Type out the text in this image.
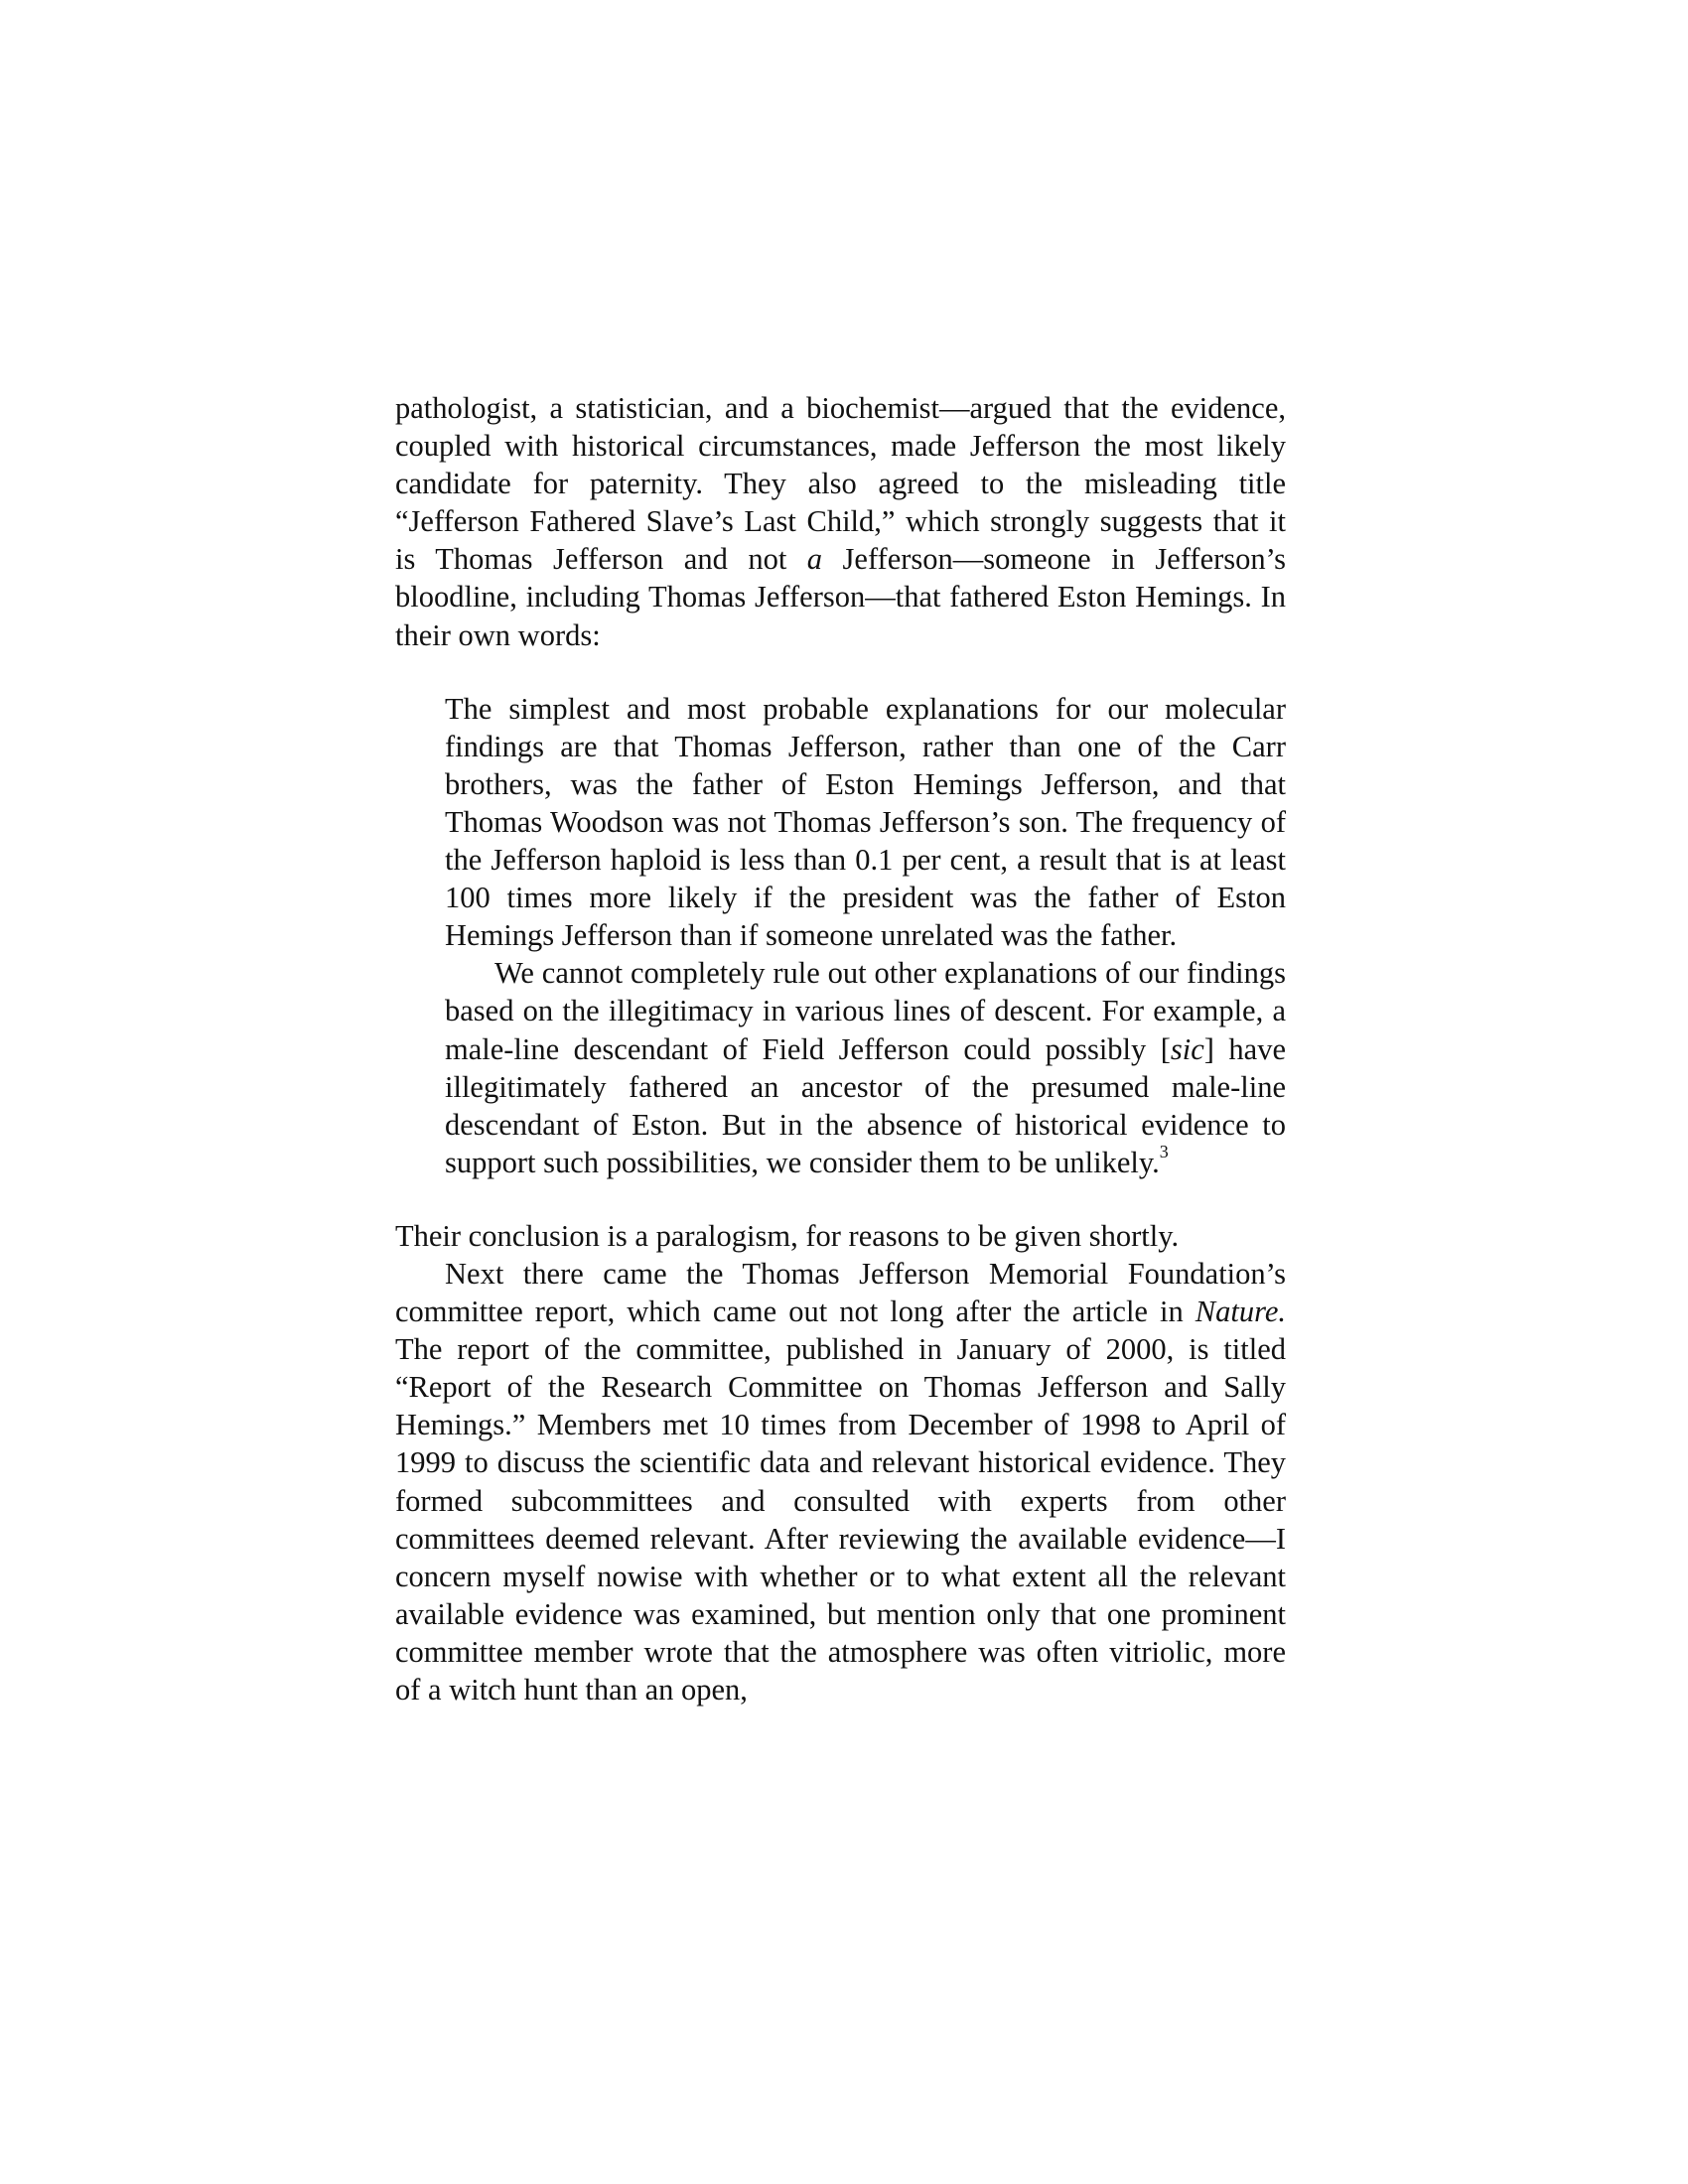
pathologist, a statistician, and a biochemist—argued that the evidence, coupled with historical circumstances, made Jefferson the most likely candidate for paternity. They also agreed to the misleading title “Jefferson Fathered Slave’s Last Child,” which strongly suggests that it is Thomas Jefferson and not a Jefferson—someone in Jefferson’s bloodline, including Thomas Jefferson—that fathered Eston Hemings. In their own words:

The simplest and most probable explanations for our molecular findings are that Thomas Jefferson, rather than one of the Carr brothers, was the father of Eston Hemings Jefferson, and that Thomas Woodson was not Thomas Jefferson’s son. The frequency of the Jefferson haploid is less than 0.1 per cent, a result that is at least 100 times more likely if the president was the father of Eston Hemings Jefferson than if someone unrelated was the father.

We cannot completely rule out other explanations of our findings based on the illegitimacy in various lines of descent. For example, a male-line descendant of Field Jefferson could possibly [sic] have illegitimately fathered an ancestor of the presumed male-line descendant of Eston. But in the absence of historical evidence to support such possibilities, we consider them to be unlikely.$^3$

Their conclusion is a paralogism, for reasons to be given shortly.

Next there came the Thomas Jefferson Memorial Foundation’s committee report, which came out not long after the article in Nature. The report of the committee, published in January of 2000, is titled “Report of the Research Committee on Thomas Jefferson and Sally Hemings.” Members met 10 times from December of 1998 to April of 1999 to discuss the scientific data and relevant historical evidence. They formed subcommittees and consulted with experts from other committees deemed relevant. After reviewing the available evidence—I concern myself nowise with whether or to what extent all the relevant available evidence was examined, but mention only that one prominent committee member wrote that the atmosphere was often vitriolic, more of a witch hunt than an open,
